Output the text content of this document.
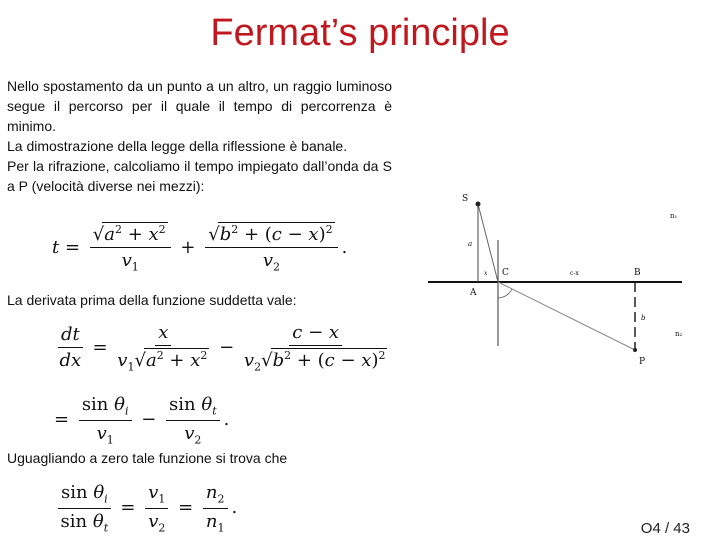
Fermat’s principle
Nello spostamento da un punto a un altro, un raggio luminoso segue il percorso per il quale il tempo di percorrenza è minimo.
La dimostrazione della legge della riflessione è banale.
Per la rifrazione, calcoliamo il tempo impiegato dall’onda da S a P (velocità diverse nei mezzi):
$t = \frac{√a^2 + x^2}{v_1} + \frac{√b^2 + (c - x)^2}{v_2}$ .
La derivata prima della funzione suddetta vale:
$\frac{dt}{dx} = \frac{x}{v_1√a^2 + x^2} - \frac{c - x}{v_2√b^2 + (c - x)^2}$
= $\frac{\sin \theta_i}{v_1} - \frac{\sin \theta_t}{v_2}$ .
Uguagliando a zero tale funzione si trova che
$\frac{\sin \theta_i}{\sin \theta_t} = \frac{v_1}{v_2} = \frac{n_2}{n_1}$ .
S
P
A
B
C
a
b
c-x
x
n₁
n₂
O4 / 43
